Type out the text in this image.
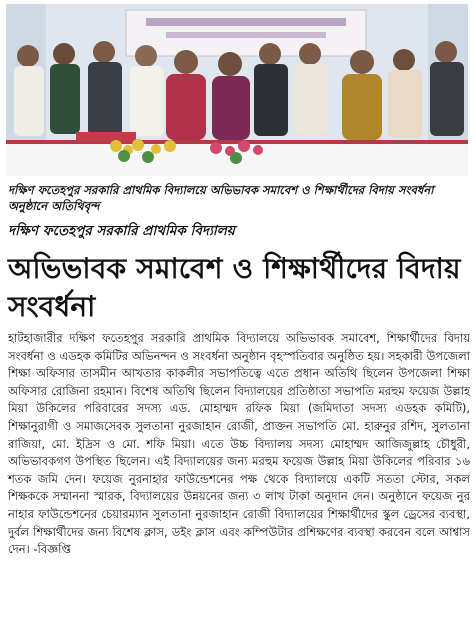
দক্ষিণ ফতেহপুর সরকারি প্রাথমিক বিদ্যালয়ে অভিভাবক সমাবেশ ও শিক্ষার্থীদের বিদায় সংবর্ধনা অনুষ্ঠানে অতিথিবৃন্দ
দক্ষিণ ফতেহপুর সরকারি প্রাথমিক বিদ্যালয়
অভিভাবক সমাবেশ ও শিক্ষার্থীদের বিদায় সংবর্ধনা
হাটহাজারীর দক্ষিণ ফতেহপুর সরকারি প্রাথমিক বিদ্যালয়ে অভিভাবক সমাবেশ, শিক্ষার্থীদের বিদায় সংবর্ধনা ও এডহক কমিটির অভিনন্দন ও সংবর্ধনা অনুষ্ঠান বৃহস্পতিবার অনুষ্ঠিত হয়। সহকারী উপজেলা শিক্ষা অফিসার তাসমীন আখতার কাকলীর সভাপতিত্বে এতে প্রধান অতিথি ছিলেন উপজেলা শিক্ষা অফিসার রোজিনা রহমান। বিশেষ অতিথি ছিলেন বিদ্যালয়ের প্রতিষ্ঠাতা সভাপতি মরহুম ফয়েজ উল্লাহ মিয়া উকিলের পরিবারের সদস্য এড. মোহাম্মদ রফিক মিয়া (জমিদাতা সদস্য এডহক কমিটি), শিক্ষানুরাগী ও সমাজসেবক সুলতানা নুরজাহান রোজী, প্রাক্তন সভাপতি মো. হারুনুর রশিদ, সুলতানা রাজিয়া, মো. ইদ্রিস ও মো. শফি মিয়া। এতে উচ্চ বিদ্যালয় সদস্য মোহাম্মদ আজিজুল্লাহ চৌধুরী, অভিভাবকগণ উপস্থিত ছিলেন। এই বিদ্যালয়ের জন্য মরহুম ফয়েজ উল্লাহ মিয়া উকিলের পরিবার ১৬ শতক জমি দেন। ফয়েজ নুরনাহার ফাউন্ডেশনের পক্ষ থেকে বিদ্যালয়ে একটি সততা স্টোর, সকল শিক্ষককে সম্মাননা স্মারক, বিদ্যালয়ের উন্নয়নের জন্য ৩ লাখ টাকা অনুদান দেন। অনুষ্ঠানে ফয়েজ নুর নাহার ফাউন্ডেশনের চেয়ারম্যান সুলতানা নুরজাহান রোজী বিদ্যালয়ের শিক্ষার্থীদের স্কুল ড্রেসের ব্যবস্থা, দুর্বল শিক্ষার্থীদের জন্য বিশেষ ক্লাস, ডইং ক্লাস এবং কম্পিউটার প্রশিক্ষণের ব্যবস্থা করবেন বলে আশ্বাস দেন। -বিজ্ঞপ্তি
